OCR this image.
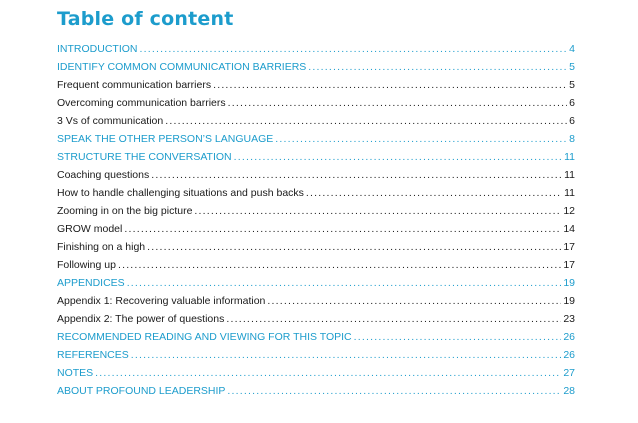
Table of content
INTRODUCTION .....	4
IDENTIFY COMMON COMMUNICATION BARRIERS .....	5
Frequent communication barriers .....	5
Overcoming communication barriers .....	6
3 Vs of communication .....	6
SPEAK THE OTHER PERSON’S LANGUAGE .....	8
STRUCTURE THE CONVERSATION .....	11
Coaching questions .....	11
How to handle challenging situations and push backs .....	11
Zooming in on the big picture .....	12
GROW model .....	14
Finishing on a high .....	17
Following up .....	17
APPENDICES .....	19
Appendix 1: Recovering valuable information .....	19
Appendix 2: The power of questions .....	23
RECOMMENDED READING AND VIEWING FOR THIS TOPIC .....	26
REFERENCES .....	26
NOTES .....	27
ABOUT PROFOUND LEADERSHIP .....	28
